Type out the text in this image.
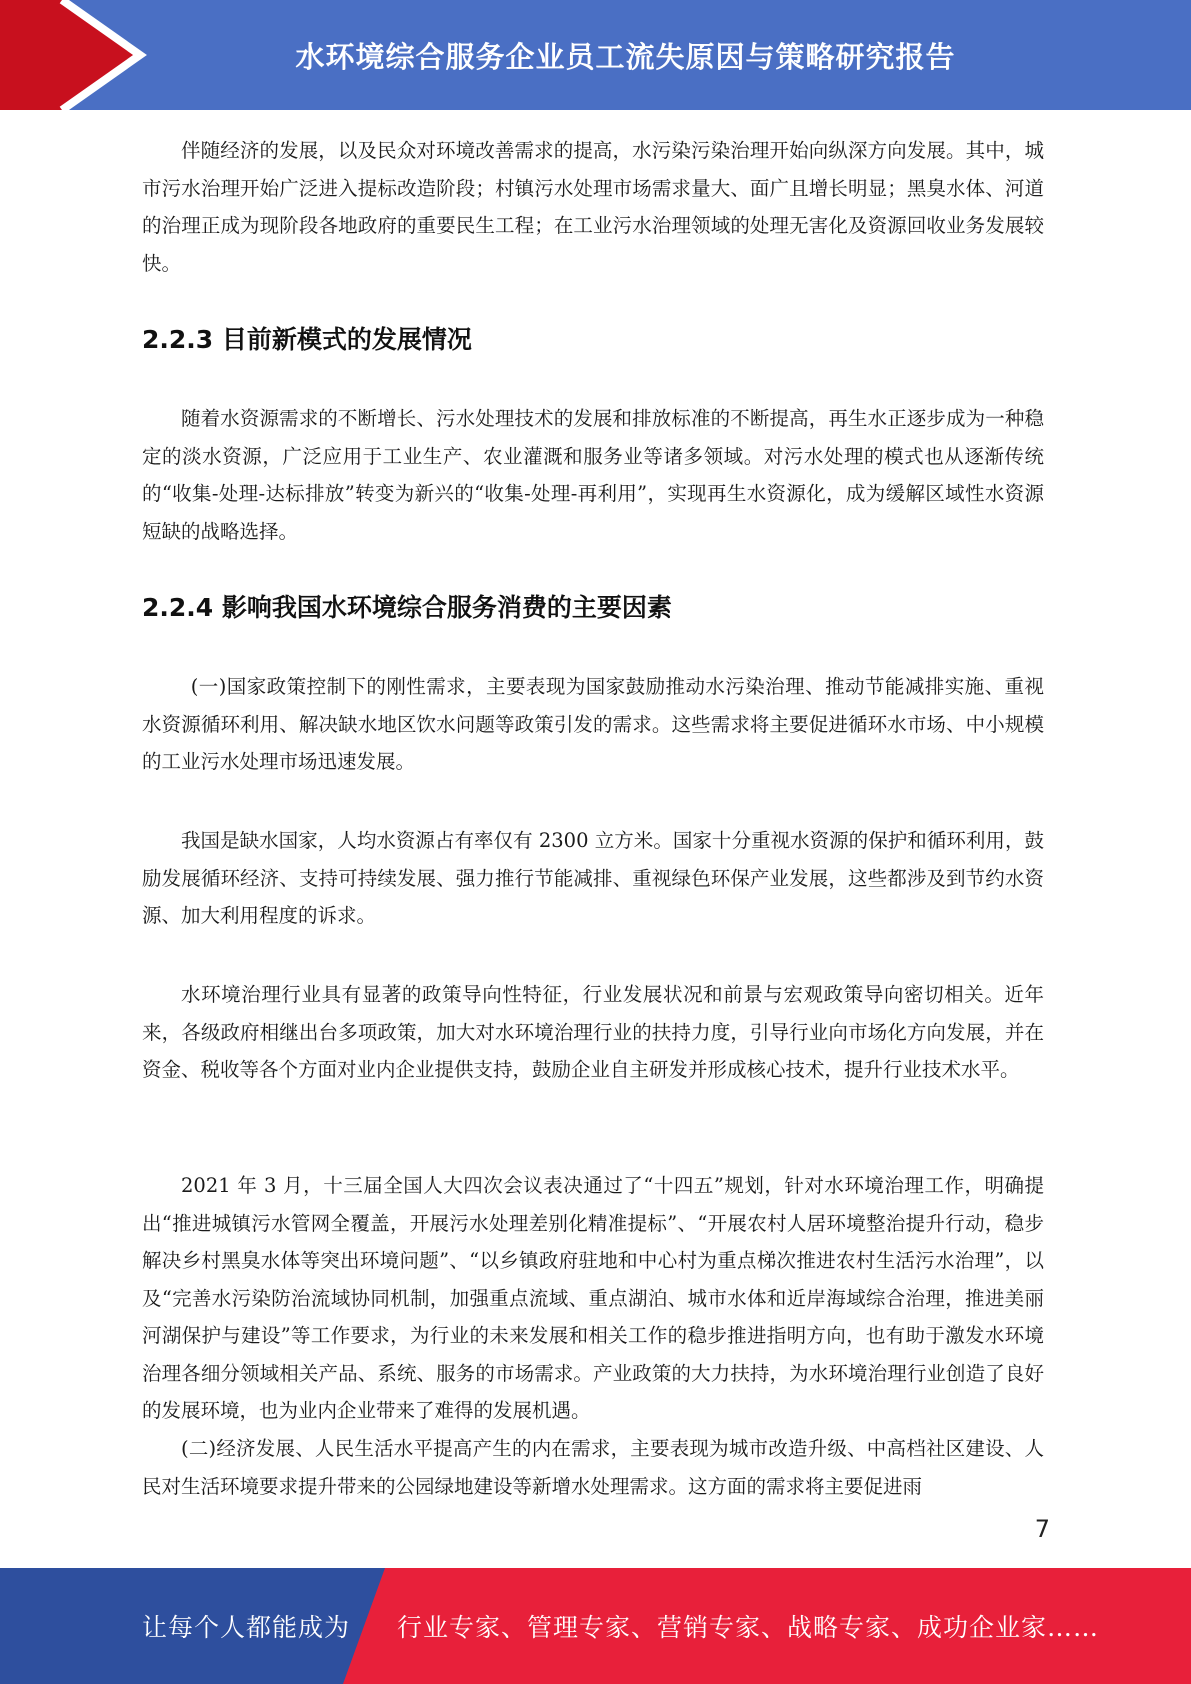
水环境综合服务企业员工流失原因与策略研究报告

伴随经济的发展，以及民众对环境改善需求的提高，水污染污染治理开始向纵深方向发展。其中，城市污水治理开始广泛进入提标改造阶段；村镇污水处理市场需求量大、面广且增长明显；黑臭水体、河道的治理正成为现阶段各地政府的重要民生工程；在工业污水治理领域的处理无害化及资源回收业务发展较快。

2.2.3 目前新模式的发展情况

随着水资源需求的不断增长、污水处理技术的发展和排放标准的不断提高，再生水正逐步成为一种稳定的淡水资源，广泛应用于工业生产、农业灌溉和服务业等诸多领域。对污水处理的模式也从逐渐传统的“收集-处理-达标排放”转变为新兴的“收集-处理-再利用”，实现再生水资源化，成为缓解区域性水资源短缺的战略选择。

2.2.4 影响我国水环境综合服务消费的主要因素

(一)国家政策控制下的刚性需求，主要表现为国家鼓励推动水污染治理、推动节能减排实施、重视水资源循环利用、解决缺水地区饮水问题等政策引发的需求。这些需求将主要促进循环水市场、中小规模的工业污水处理市场迅速发展。

我国是缺水国家，人均水资源占有率仅有 2300 立方米。国家十分重视水资源的保护和循环利用，鼓励发展循环经济、支持可持续发展、强力推行节能减排、重视绿色环保产业发展，这些都涉及到节约水资源、加大利用程度的诉求。

水环境治理行业具有显著的政策导向性特征，行业发展状况和前景与宏观政策导向密切相关。近年来，各级政府相继出台多项政策，加大对水环境治理行业的扶持力度，引导行业向市场化方向发展，并在资金、税收等各个方面对业内企业提供支持，鼓励企业自主研发并形成核心技术，提升行业技术水平。

2021 年 3 月，十三届全国人大四次会议表决通过了“十四五”规划，针对水环境治理工作，明确提出“推进城镇污水管网全覆盖，开展污水处理差别化精准提标”、“开展农村人居环境整治提升行动，稳步解决乡村黑臭水体等突出环境问题”、“以乡镇政府驻地和中心村为重点梯次推进农村生活污水治理”，以及“完善水污染防治流域协同机制，加强重点流域、重点湖泊、城市水体和近岸海域综合治理，推进美丽河湖保护与建设”等工作要求，为行业的未来发展和相关工作的稳步推进指明方向，也有助于激发水环境治理各细分领域相关产品、系统、服务的市场需求。产业政策的大力扶持，为水环境治理行业创造了良好的发展环境，也为业内企业带来了难得的发展机遇。

(二)经济发展、人民生活水平提高产生的内在需求，主要表现为城市改造升级、中高档社区建设、人民对生活环境要求提升带来的公园绿地建设等新增水处理需求。这方面的需求将主要促进雨

7
让每个人都能成为 行业专家、管理专家、营销专家、战略专家、成功企业家……
